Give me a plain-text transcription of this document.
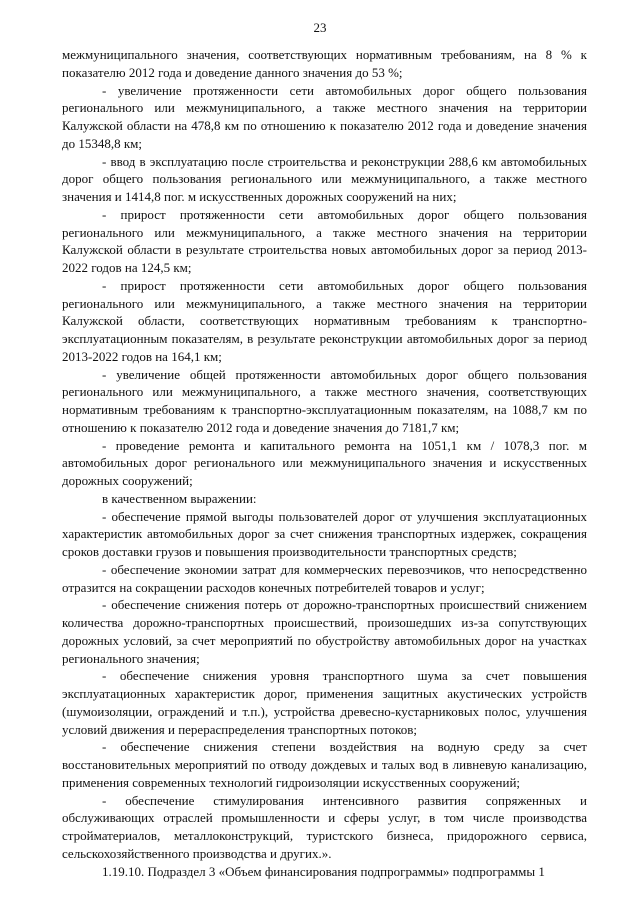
23

межмуниципального значения, соответствующих нормативным требованиям, на 8 % к показателю 2012 года и доведение данного значения до 53 %;

- увеличение протяженности сети автомобильных дорог общего пользования регионального или межмуниципального, а также местного значения на территории Калужской области на 478,8 км по отношению к показателю 2012 года и доведение значения до 15348,8 км;

- ввод в эксплуатацию после строительства и реконструкции 288,6 км автомобильных дорог общего пользования регионального или межмуниципального, а также местного значения и 1414,8 пог. м искусственных дорожных сооружений на них;

- прирост протяженности сети автомобильных дорог общего пользования регионального или межмуниципального, а также местного значения на территории Калужской области в результате строительства новых автомобильных дорог за период 2013-2022 годов на 124,5 км;

- прирост протяженности сети автомобильных дорог общего пользования регионального или межмуниципального, а также местного значения на территории Калужской области, соответствующих нормативным требованиям к транспортно-эксплуатационным показателям, в результате реконструкции автомобильных дорог за период 2013-2022 годов на 164,1 км;

- увеличение общей протяженности автомобильных дорог общего пользования регионального или межмуниципального, а также местного значения, соответствующих нормативным требованиям к транспортно-эксплуатационным показателям, на 1088,7 км по отношению к показателю 2012 года и доведение значения до 7181,7 км;

- проведение ремонта и капитального ремонта на 1051,1 км / 1078,3 пог. м автомобильных дорог регионального или межмуниципального значения и искусственных дорожных сооружений;

в качественном выражении:

- обеспечение прямой выгоды пользователей дорог от улучшения эксплуатационных характеристик автомобильных дорог за счет снижения транспортных издержек, сокращения сроков доставки грузов и повышения производительности транспортных средств;

- обеспечение экономии затрат для коммерческих перевозчиков, что непосредственно отразится на сокращении расходов конечных потребителей товаров и услуг;

- обеспечение снижения потерь от дорожно-транспортных происшествий снижением количества дорожно-транспортных происшествий, произошедших из-за сопутствующих дорожных условий, за счет мероприятий по обустройству автомобильных дорог на участках регионального значения;

- обеспечение снижения уровня транспортного шума за счет повышения эксплуатационных характеристик дорог, применения защитных акустических устройств (шумоизоляции, ограждений и т.п.), устройства древесно-кустарниковых полос, улучшения условий движения и перераспределения транспортных потоков;

- обеспечение снижения степени воздействия на водную среду за счет восстановительных мероприятий по отводу дождевых и талых вод в ливневую канализацию, применения современных технологий гидроизоляции искусственных сооружений;

- обеспечение стимулирования интенсивного развития сопряженных и обслуживающих отраслей промышленности и сферы услуг, в том числе производства стройматериалов, металлоконструкций, туристского бизнеса, придорожного сервиса, сельскохозяйственного производства и других.».

1.19.10. Подраздел 3 «Объем финансирования подпрограммы» подпрограммы 1
